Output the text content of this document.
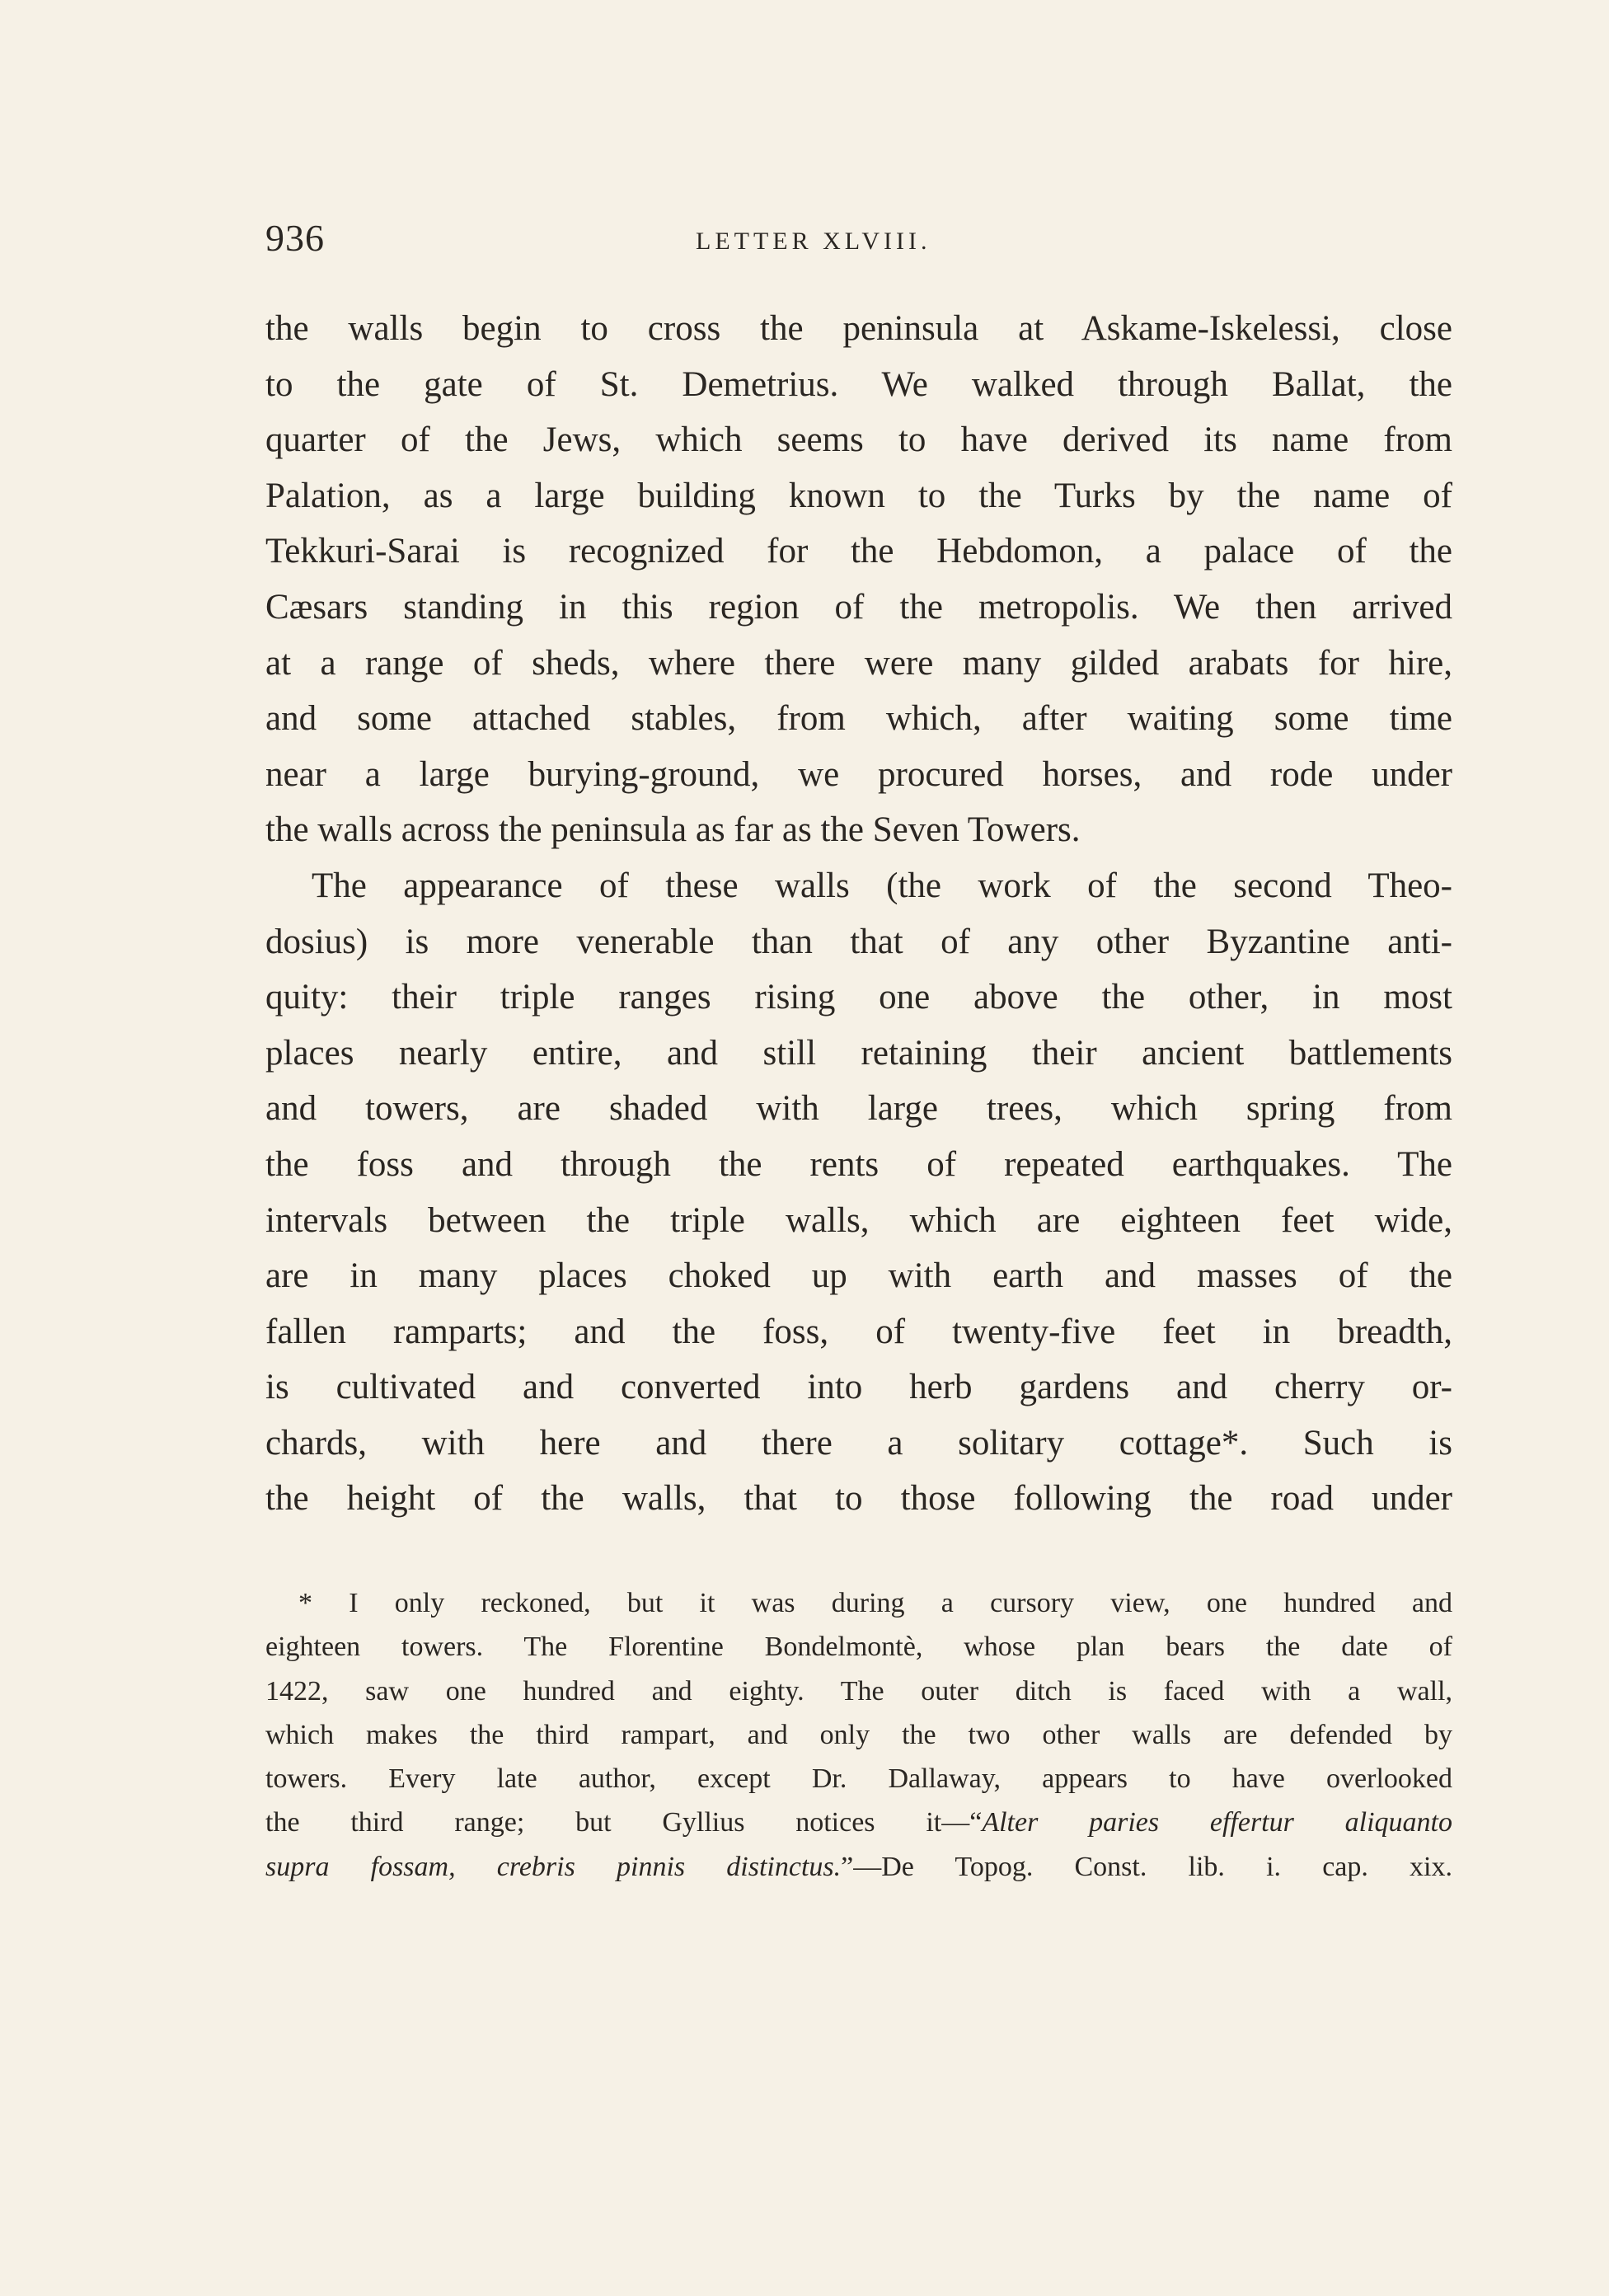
936	LETTER XLVIII.
the walls begin to cross the peninsula at Askame-Iskelessi, close
to the gate of St. Demetrius. We walked through Ballat, the
quarter of the Jews, which seems to have derived its name from
Palation, as a large building known to the Turks by the name of
Tekkuri-Sarai is recognized for the Hebdomon, a palace of the
Cæsars standing in this region of the metropolis. We then arrived
at a range of sheds, where there were many gilded arabats for hire,
and some attached stables, from which, after waiting some time
near a large burying-ground, we procured horses, and rode under
the walls across the peninsula as far as the Seven Towers.
The appearance of these walls (the work of the second Theo-
dosius) is more venerable than that of any other Byzantine anti-
quity: their triple ranges rising one above the other, in most
places nearly entire, and still retaining their ancient battlements
and towers, are shaded with large trees, which spring from
the foss and through the rents of repeated earthquakes. The
intervals between the triple walls, which are eighteen feet wide,
are in many places choked up with earth and masses of the
fallen ramparts; and the foss, of twenty-five feet in breadth,
is cultivated and converted into herb gardens and cherry or-
chards, with here and there a solitary cottage*. Such is
the height of the walls, that to those following the road under
* I only reckoned, but it was during a cursory view, one hundred and
eighteen towers. The Florentine Bondelmontè, whose plan bears the date of
1422, saw one hundred and eighty. The outer ditch is faced with a wall,
which makes the third rampart, and only the two other walls are defended by
towers. Every late author, except Dr. Dallaway, appears to have overlooked
the third range; but Gyllius notices it—“Alter paries effertur aliquanto
supra fossam, crebris pinnis distinctus.”—De Topog. Const. lib. i. cap. xix.
